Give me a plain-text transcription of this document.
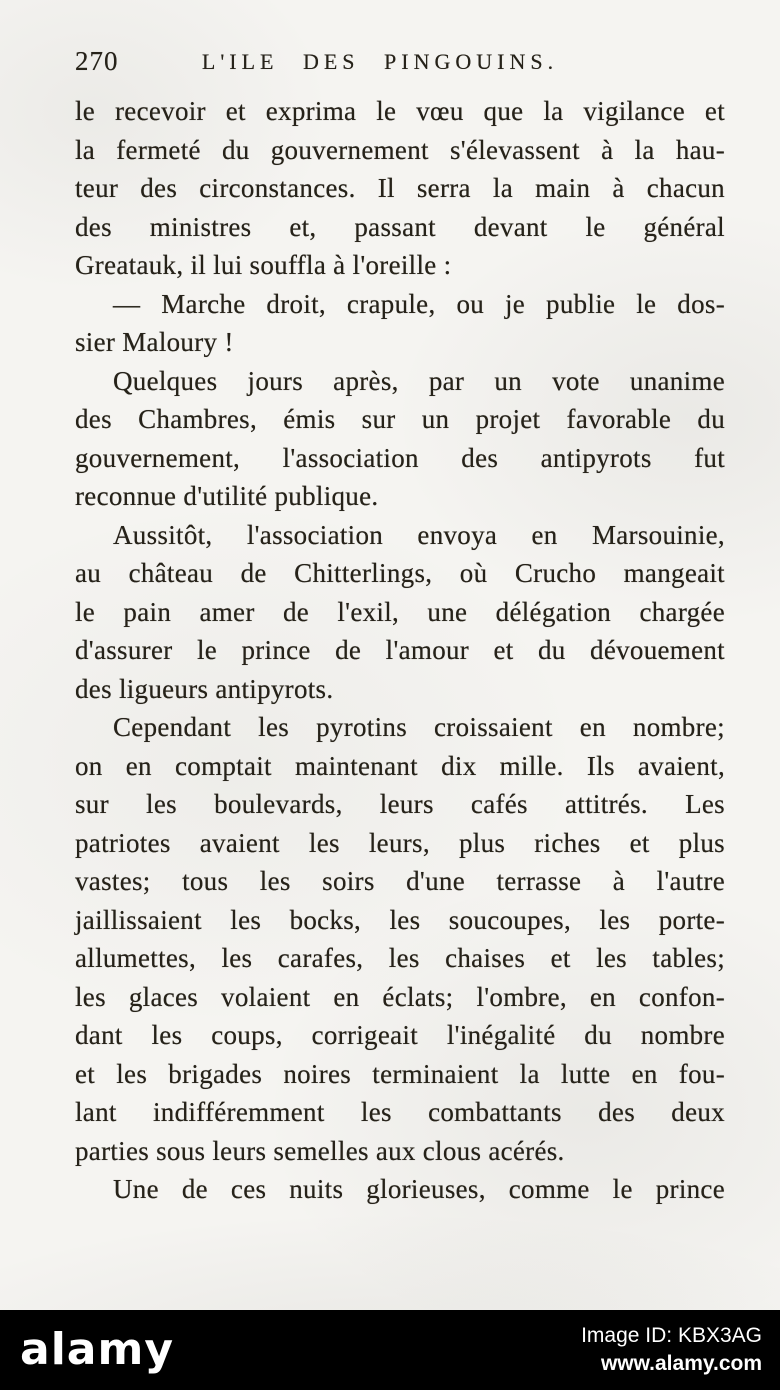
270	L'ILE DES PINGOUINS.
le recevoir et exprima le vœu que la vigilance et
la fermeté du gouvernement s'élevassent à la hau-
teur des circonstances. Il serra la main à chacun
des ministres et, passant devant le général
Greatauk, il lui souffla à l'oreille :
— Marche droit, crapule, ou je publie le dos-
sier Maloury !
Quelques jours après, par un vote unanime
des Chambres, émis sur un projet favorable du
gouvernement, l'association des antipyrots fut
reconnue d'utilité publique.
Aussitôt, l'association envoya en Marsouinie,
au château de Chitterlings, où Crucho mangeait
le pain amer de l'exil, une délégation chargée
d'assurer le prince de l'amour et du dévouement
des ligueurs antipyrots.
Cependant les pyrotins croissaient en nombre;
on en comptait maintenant dix mille. Ils avaient,
sur les boulevards, leurs cafés attitrés. Les
patriotes avaient les leurs, plus riches et plus
vastes; tous les soirs d'une terrasse à l'autre
jaillissaient les bocks, les soucoupes, les porte-
allumettes, les carafes, les chaises et les tables;
les glaces volaient en éclats; l'ombre, en confon-
dant les coups, corrigeait l'inégalité du nombre
et les brigades noires terminaient la lutte en fou-
lant indifféremment les combattants des deux
parties sous leurs semelles aux clous acérés.
Une de ces nuits glorieuses, comme le prince
alamy	Image ID: KBX3AG
www.alamy.com
